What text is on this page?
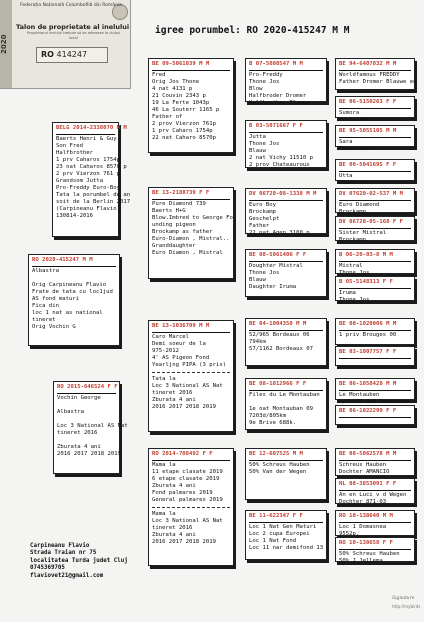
2020
Federația Națională Columbofilă din România
Talon de proprietate al inelului
Proprietarul inelului trebuie să se adreseze la clubul local
RO 414247
igree porumbel: RO 2020-415247 M M
RO 2020-415247 M M
Albastra

Orig Carpineanu Flavio
Frate de tata cu loc1jud
AS fond maturi
Fica din
loc 1 nat as national
tineret
Orig Vochin G
BELG 2014-2338070 M M
Baerts Henri & Guy
Son Fred
Halfbrother
1 prv Caharos 1754p
23 nat Caharos 8570 p
2 prv Vierzon 761 p
Grandsom Jutta
Pro-Freddy Euro-Boy
Tata la porumbel de an
soit de la Berlin 2017
(Carpineanu Flavio)
130814-2016
RO 2015-646524 F F
Vochin George

Albastra

Loc 3 National AS Nat
tineret 2016

Zburata 4 ani
2016 2017 2018 2019
BE 09-5061039 M M
Fred
Orig Jos Thone
4 nat 4131 p
21 Couvin 2343 p
19 La Ferte 1043p
46 La Souterr 1165 p
Father of
2 prov Vierzon 761p
1 prv Caharo 1754p
22 nat Caharo 8570p
BE 13-2188739 F F
Pure Diamond 739
Baerts H+G
Blow.Imbred to George Fo
unding pigeon
Brockamp as father
Euro-Diamon , Mistral..
Granddaughter
Euro Diamon , Mistral
BE 13-1036709 M M
Caro Marcel
Demi soeur de la
975-2012
4' AS Pigeon Fond
Yearljng PIPA (3 prix)
Tata la
Loc 3 National AS Nat
tineret 2016
Zburata 4 ani
2016 2017 2018 2019
RO 2014-708492 F F
Mama la
11 etape clasate 2019
6 etape clasate 2019
Zburata 4 ani
Fond palmares 2019
General palmares 2019
Mama la
Loc 3 National AS Nat
tineret 2016
Zburata 4 ani
2016 2017 2018 2019
B 07-5080547 M M
Pro-Freddy
Thone Jos
Blow
Halfbroder Dromer
Halfbrother Blauwe
B 03-5071667 F F
Jutta
Thone Jos
Blauw
2 nat Vichy 11510 p
2 prov Chateauroux
DV 06720-08-1338 M M
Euro Boy
Brockamp
Geschelpt
Father
22 nat Agen 3100 p
BE 08-5061406 F F
Doughter Mistral
Thone Jos
Blauw
Daughter Iruma
BE 04-1004350 M M
52/965 Bordeaux 06
794km
57/1162 Bordeaux 07
BE 08-1012966 F F
Files du Le Montauban

1e nat Montauban 09
7203d/805km
9e Brive 688k.
BE 12-607525 M M
50% Schreus Hauben
50% Van der Wegen
BE 11-622347 F F
Loc 1 Nat Gen Maturi
Loc 2 cupa Europei
Loc 1 Nat Fond
Loc 11 nar demifond 13
BE 94-6407032 M M
Worldfamous FREDDY
Father Dromer Blauwe en
BE 06-5150263 F F
Sumora
Thone Jos
BE 95-5055105 M M
Sara
Thone Jos
BE 00-5041695 F F
Utta
Thone Jos
DV 07620-02-537 M M
Euro Diamond
Brockamp
DV 06720-05-168 F F
Sister Mistral
Brockamp
B 06-20-03-8 M M
Mistral
Thone Jos
B 05-5148313 F F
Iruma
Thone Jos
BE 00-1020006 M M
1 priv Brouges 00
BE 03-1007757 F F

BE 06-1058428 M M
Le Montauben
1/7.203 Nat Montauban
BE 06-1022299 F F

BE 08-5062578 M M
Schreus Hauben
Dochter AMANCIO
NL 08-3853091 F F
An en Luci v d Wegen
Dochter 871-03
RO 10-138640 M M
Loc 1 Domasnea
9552p.
RO 10-138658 F F
50% Schreus Hauben
50% J Jellema
Carpineanu Flavio
Strada Traian nr 75
localitatea Turda judet Cluj
0745369705
flaviovet21@gmail.com
Signature
http://mybirds
